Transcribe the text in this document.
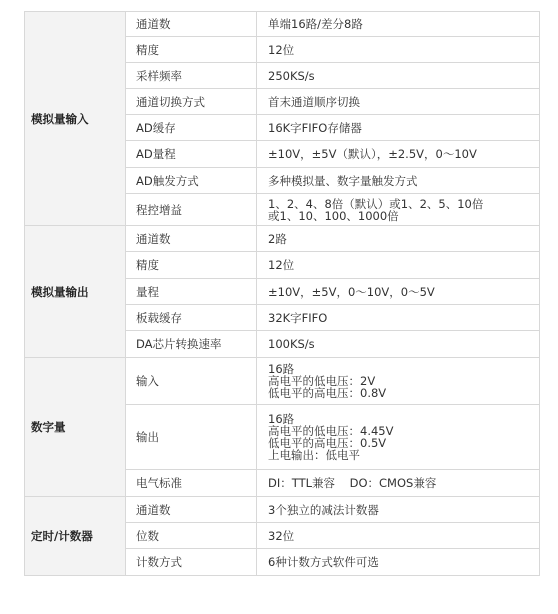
模拟量输入	通道数	单端16路/差分8路

	精度	12位

	采样频率	250KS/s

	通道切换方式	首末通道顺序切换

	AD缓存	16K字FIFO存储器

	AD量程	±10V，±5V（默认），±2.5V，0～10V

	AD触发方式	多种模拟量、数字量触发方式

	程控增益	1、2、4、8倍（默认）或1、2、5、10倍
或1、10、100、1000倍

模拟量输出	通道数	2路

	精度	12位

	量程	±10V，±5V，0～10V，0～5V

	板载缓存	32K字FIFO

	DA芯片转换速率	100KS/s

数字量	输入	16路
高电平的低电压：2V
低电平的高电压：0.8V

	输出	16路
高电平的低电压：4.45V
低电平的高电压：0.5V
上电输出：低电平

	电气标准	DI：TTL兼容    DO：CMOS兼容

定时/计数器	通道数	3个独立的减法计数器

	位数	32位

	计数方式	6种计数方式软件可选
